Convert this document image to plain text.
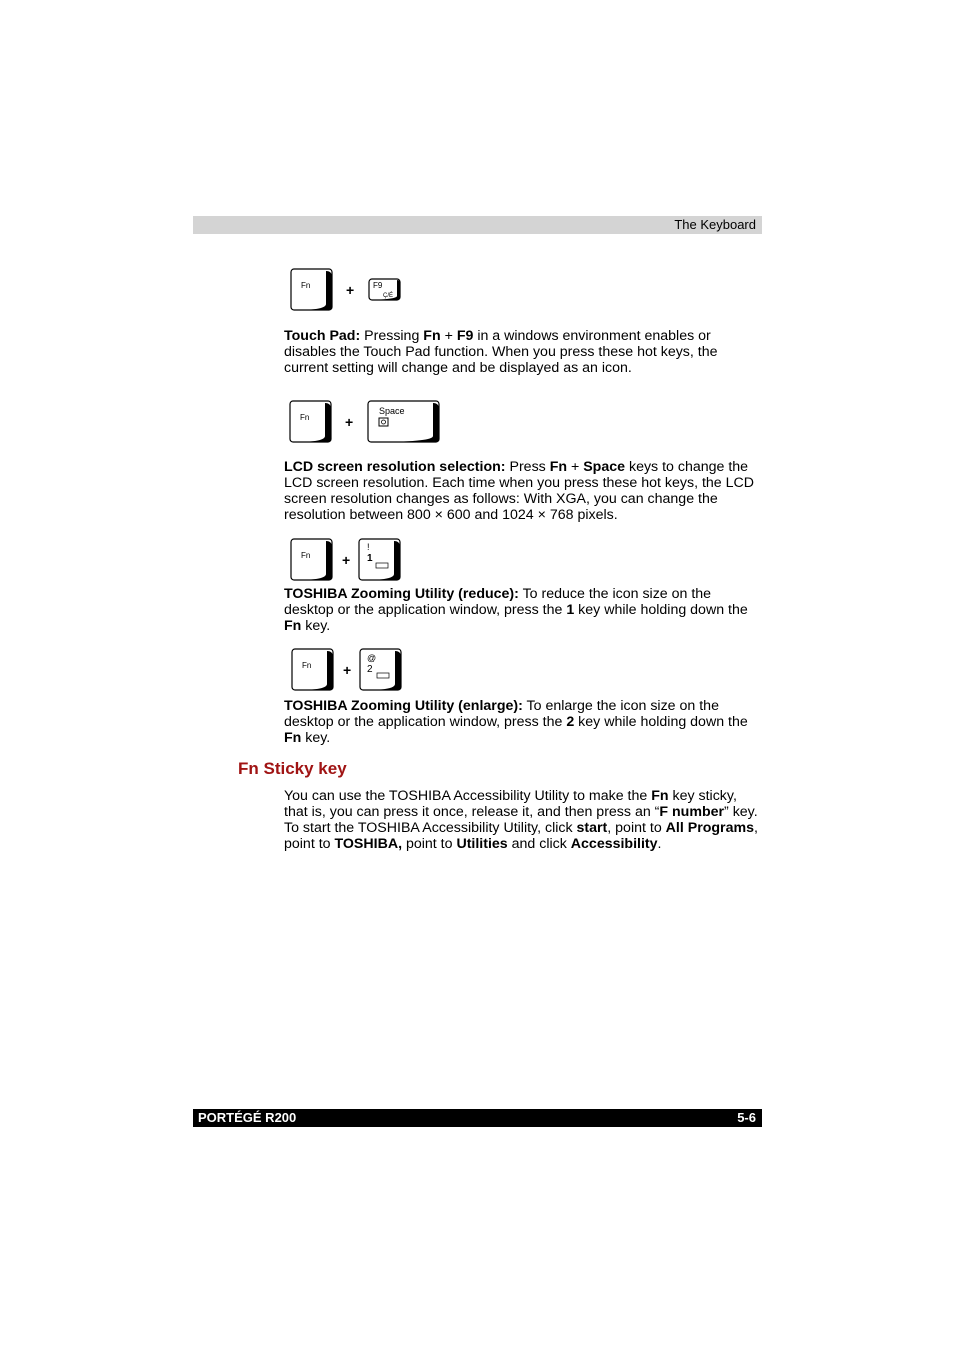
The Keyboard
Fn	+ F9
Ç/É

Touch Pad: Pressing Fn + F9 in a windows environment enables or disables the Touch Pad function. When you press these hot keys, the current setting will change and be displayed as an icon.

Fn	+
Space

LCD screen resolution selection: Press Fn + Space keys to change the LCD screen resolution. Each time when you press these hot keys, the LCD screen resolution changes as follows: With XGA, you can change the resolution between 800 × 600 and 1024 × 768 pixels.

Fn +
!
1

TOSHIBA Zooming Utility (reduce): To reduce the icon size on the desktop or the application window, press the 1 key while holding down the Fn key.

Fn +
@
2

TOSHIBA Zooming Utility (enlarge): To enlarge the icon size on the desktop or the application window, press the 2 key while holding down the Fn key.

Fn Sticky key

You can use the TOSHIBA Accessibility Utility to make the Fn key sticky, that is, you can press it once, release it, and then press an “F number” key. To start the TOSHIBA Accessibility Utility, click start, point to All Programs, point to TOSHIBA, point to Utilities and click Accessibility.

PORTÉGÉ R200	5-6
